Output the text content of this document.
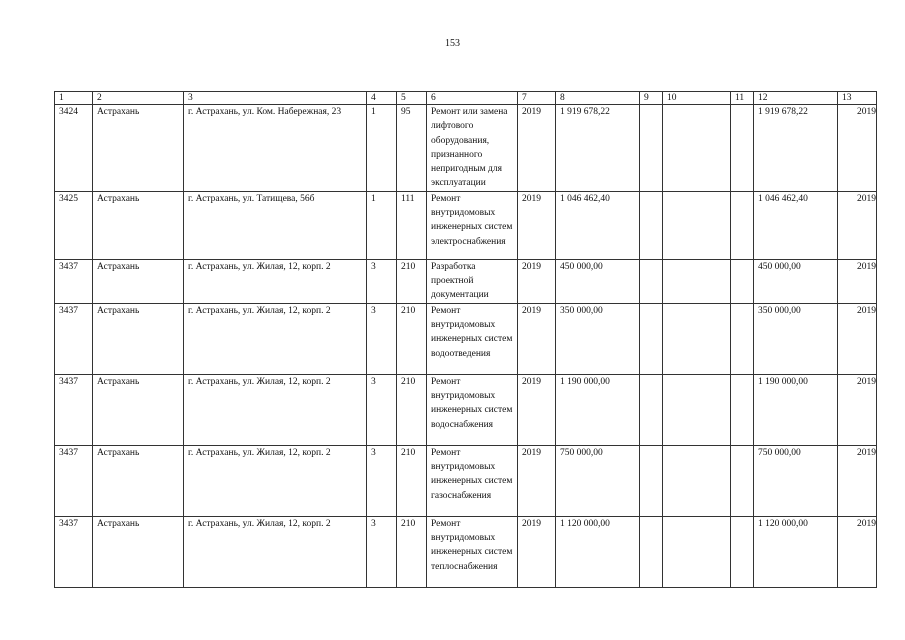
153
1	2	3	4	5	6	7	8	9	10	11	12	13
3424	Астрахань	г. Астрахань, ул. Ком. Набережная, 23	1	95	Ремонт или замена лифтового оборудования, признанного непригодным для эксплуатации	2019	1 919 678,22				1 919 678,22	2019
3425	Астрахань	г. Астрахань, ул. Татищева, 56б	1	111	Ремонт внутридомовых инженерных систем электроснабжения	2019	1 046 462,40				1 046 462,40	2019
3437	Астрахань	г. Астрахань, ул. Жилая, 12, корп. 2	3	210	Разработка проектной документации	2019	450 000,00				450 000,00	2019
3437	Астрахань	г. Астрахань, ул. Жилая, 12, корп. 2	3	210	Ремонт внутридомовых инженерных систем водоотведения	2019	350 000,00				350 000,00	2019
3437	Астрахань	г. Астрахань, ул. Жилая, 12, корп. 2	3	210	Ремонт внутридомовых инженерных систем водоснабжения	2019	1 190 000,00				1 190 000,00	2019
3437	Астрахань	г. Астрахань, ул. Жилая, 12, корп. 2	3	210	Ремонт внутридомовых инженерных систем газоснабжения	2019	750 000,00				750 000,00	2019
3437	Астрахань	г. Астрахань, ул. Жилая, 12, корп. 2	3	210	Ремонт внутридомовых инженерных систем теплоснабжения	2019	1 120 000,00				1 120 000,00	2019
